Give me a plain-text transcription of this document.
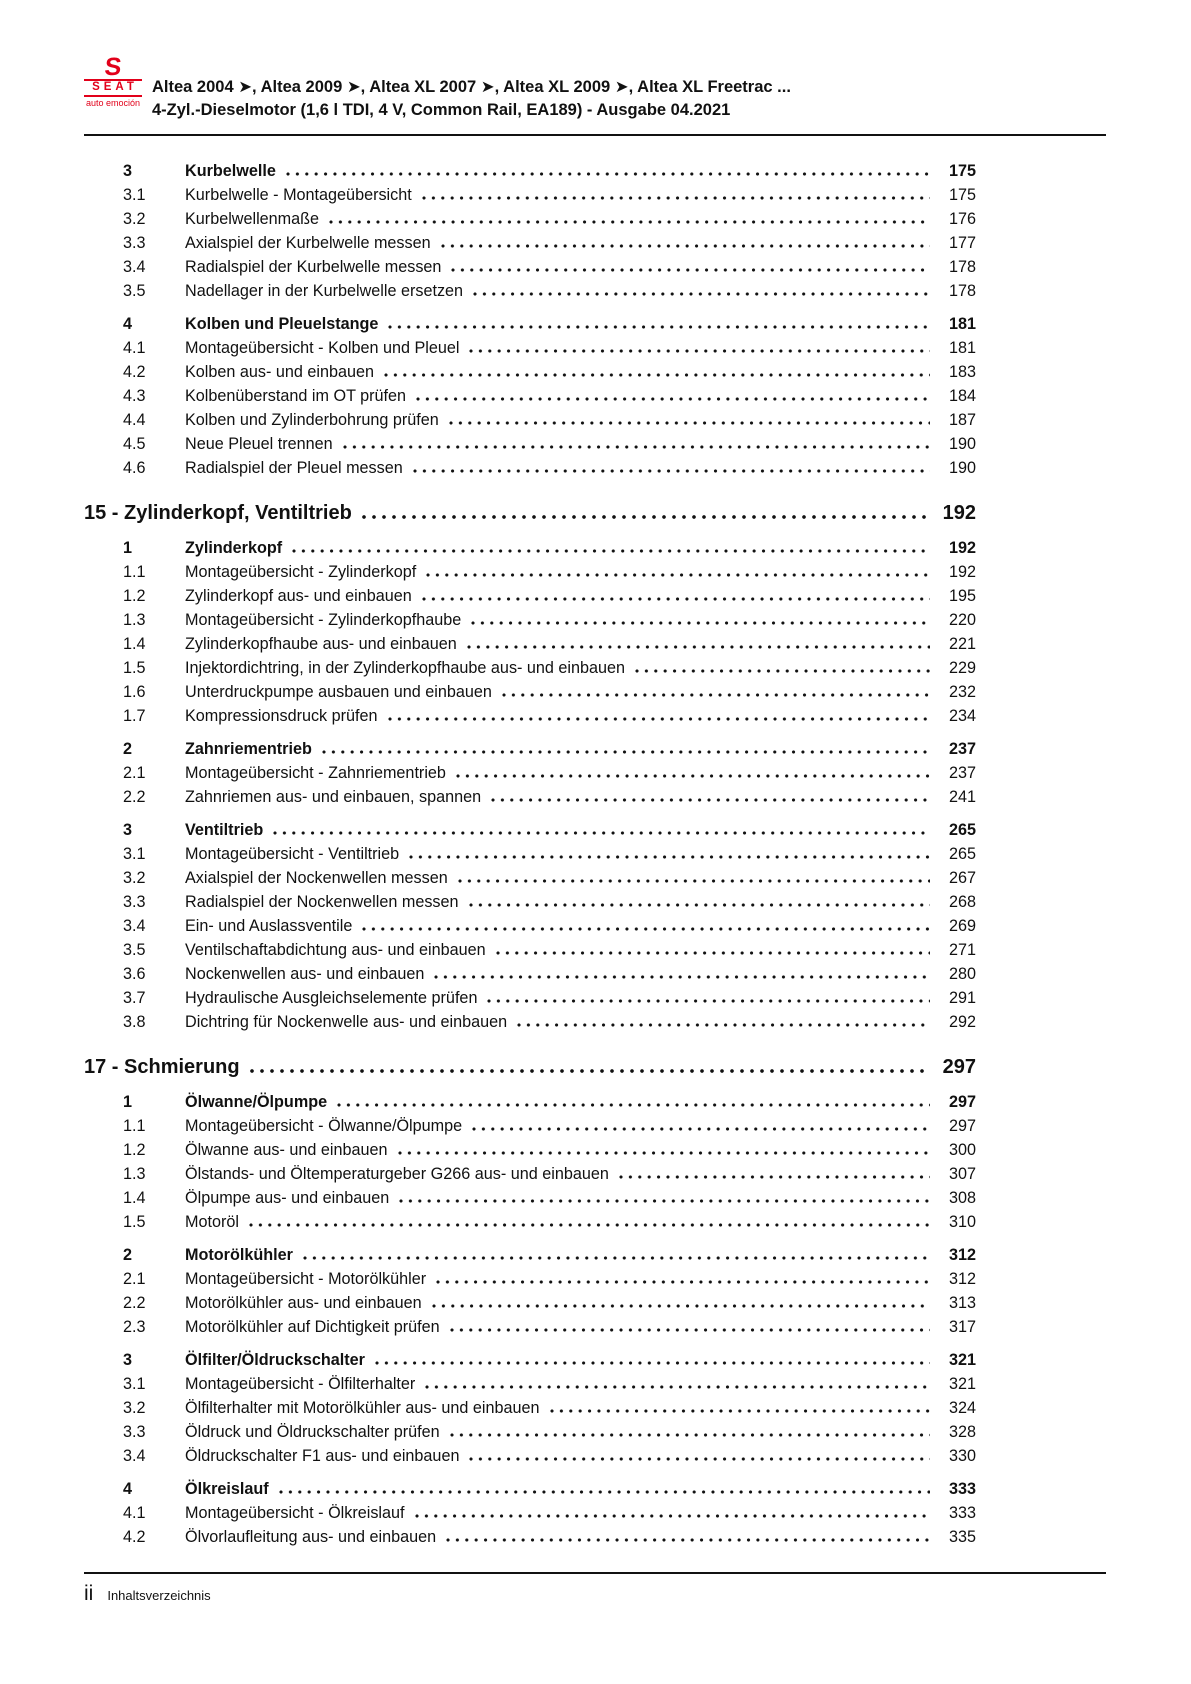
S
SEAT
auto emoción
Altea 2004 ➤, Altea 2009 ➤, Altea XL 2007 ➤, Altea XL 2009 ➤, Altea XL Freetrac ...
4-Zyl.-Dieselmotor (1,6 l TDI, 4 V, Common Rail, EA189) - Ausgabe 04.2021
3	Kurbelwelle	175
3.1	Kurbelwelle - Montageübersicht	175
3.2	Kurbelwellenmaße	176
3.3	Axialspiel der Kurbelwelle messen	177
3.4	Radialspiel der Kurbelwelle messen	178
3.5	Nadellager in der Kurbelwelle ersetzen	178
4	Kolben und Pleuelstange	181
4.1	Montageübersicht - Kolben und Pleuel	181
4.2	Kolben aus- und einbauen	183
4.3	Kolbenüberstand im OT prüfen	184
4.4	Kolben und Zylinderbohrung prüfen	187
4.5	Neue Pleuel trennen	190
4.6	Radialspiel der Pleuel messen	190
15 - Zylinderkopf, Ventiltrieb	192
1	Zylinderkopf	192
1.1	Montageübersicht - Zylinderkopf	192
1.2	Zylinderkopf aus- und einbauen	195
1.3	Montageübersicht - Zylinderkopfhaube	220
1.4	Zylinderkopfhaube aus- und einbauen	221
1.5	Injektordichtring, in der Zylinderkopfhaube aus- und einbauen	229
1.6	Unterdruckpumpe ausbauen und einbauen	232
1.7	Kompressionsdruck prüfen	234
2	Zahnriementrieb	237
2.1	Montageübersicht - Zahnriementrieb	237
2.2	Zahnriemen aus- und einbauen, spannen	241
3	Ventiltrieb	265
3.1	Montageübersicht - Ventiltrieb	265
3.2	Axialspiel der Nockenwellen messen	267
3.3	Radialspiel der Nockenwellen messen	268
3.4	Ein- und Auslassventile	269
3.5	Ventilschaftabdichtung aus- und einbauen	271
3.6	Nockenwellen aus- und einbauen	280
3.7	Hydraulische Ausgleichselemente prüfen	291
3.8	Dichtring für Nockenwelle aus- und einbauen	292
17 - Schmierung	297
1	Ölwanne/Ölpumpe	297
1.1	Montageübersicht - Ölwanne/Ölpumpe	297
1.2	Ölwanne aus- und einbauen	300
1.3	Ölstands- und Öltemperaturgeber G266 aus- und einbauen	307
1.4	Ölpumpe aus- und einbauen	308
1.5	Motoröl	310
2	Motorölkühler	312
2.1	Montageübersicht - Motorölkühler	312
2.2	Motorölkühler aus- und einbauen	313
2.3	Motorölkühler auf Dichtigkeit prüfen	317
3	Ölfilter/Öldruckschalter	321
3.1	Montageübersicht - Ölfilterhalter	321
3.2	Ölfilterhalter mit Motorölkühler aus- und einbauen	324
3.3	Öldruck und Öldruckschalter prüfen	328
3.4	Öldruckschalter F1 aus- und einbauen	330
4	Ölkreislauf	333
4.1	Montageübersicht - Ölkreislauf	333
4.2	Ölvorlaufleitung aus- und einbauen	335
ii Inhaltsverzeichnis
